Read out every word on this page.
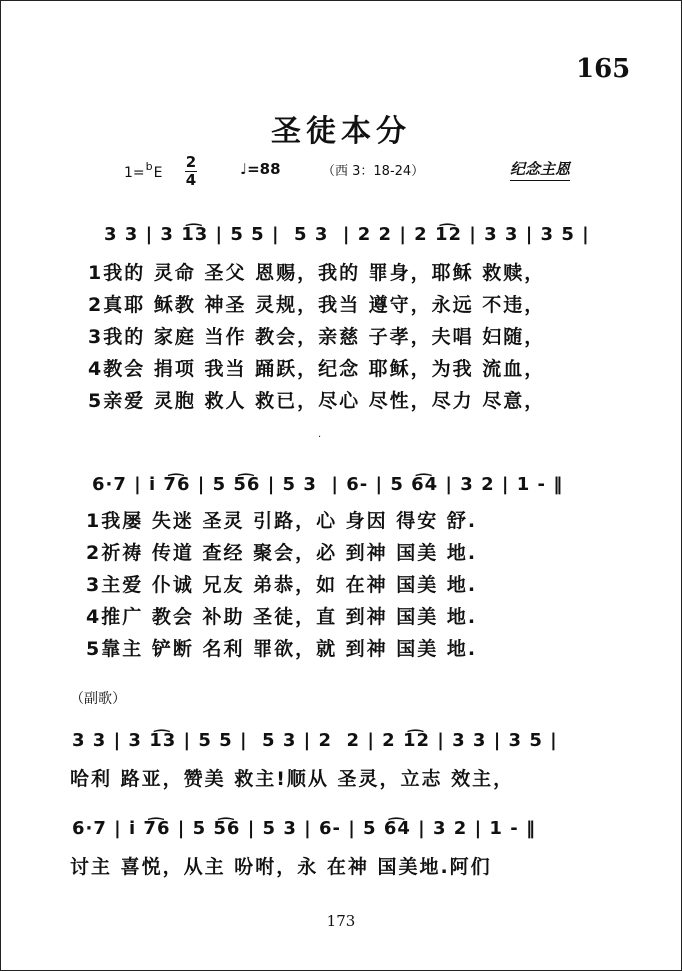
165
圣徒本分
1=$^b$E
2
4
♩=88	（西 3：18-24）	纪念主恩
3 3 | 3 1͡3 | 5 5 |  5 3  | 2 2 | 2 1͡2 | 3 3 | 3 5 |
1我的 灵命 圣父 恩赐，我的 罪身，耶稣 救赎，
2真耶 稣教 神圣 灵规，我当 遵守，永远 不违，
3我的 家庭 当作 教会，亲慈 子孝，夫唱 妇随，
4教会 捐项 我当 踊跃，纪念 耶稣，为我 流血，
5亲爱 灵胞 救人 救已，尽心 尽性，尽力 尽意，
·
6·7 | i 7͡6 | 5 5͡6 | 5 3  | 6- | 5 6͡4 | 3 2 | 1 - ‖
1我屡 失迷 圣灵 引路，心 身因 得安 舒.
2祈祷 传道 查经 聚会，必 到神 国美 地.
3主爱 仆诚 兄友 弟恭，如 在神 国美 地.
4推广 教会 补助 圣徒，直 到神 国美 地.
5靠主 铲断 名利 罪欲，就 到神 国美 地.
（副歌）
3 3 | 3 1͡3 | 5 5 |  5 3 | 2  2 | 2 1͡2 | 3 3 | 3 5 |
哈利 路亚，赞美 救主!顺从 圣灵，立志 效主，
6·7 | i 7͡6 | 5 5͡6 | 5 3 | 6- | 5 6͡4 | 3 2 | 1 - ‖
讨主 喜悦，从主 吩咐，永 在神 国美地.阿们
173
